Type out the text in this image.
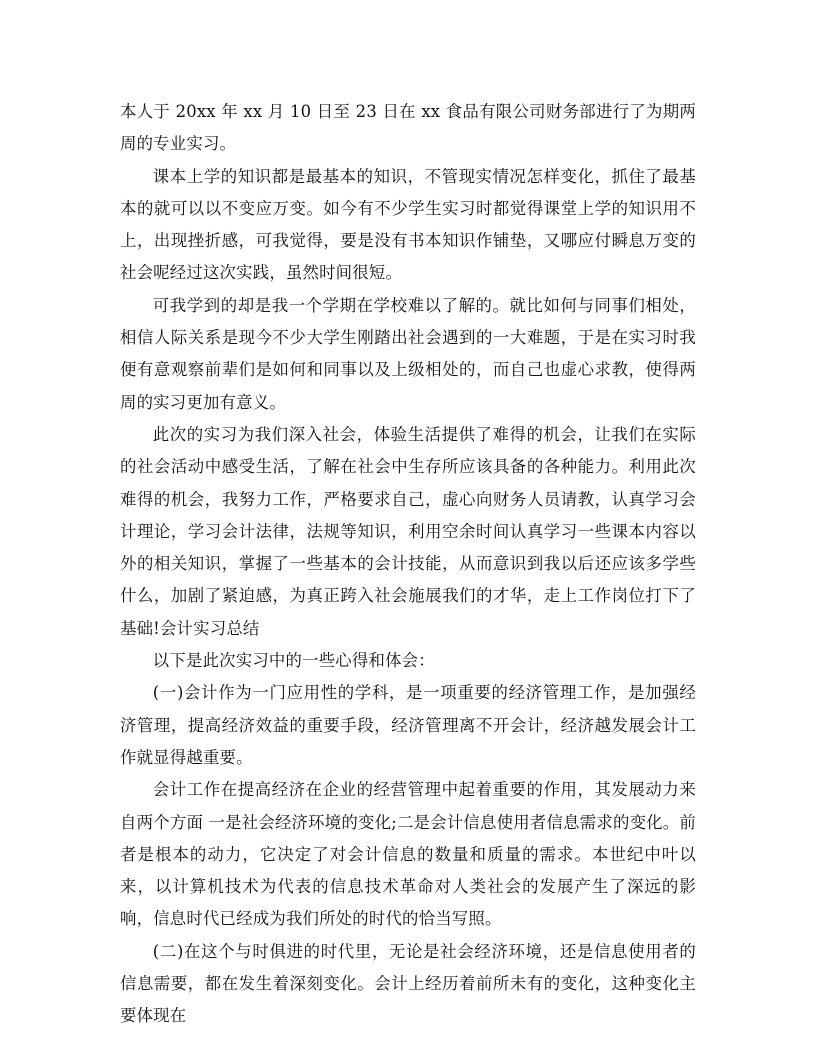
本人于 20xx 年 xx 月 10 日至 23 日在 xx 食品有限公司财务部进行了为期两周的专业实习。

课本上学的知识都是最基本的知识，不管现实情况怎样变化，抓住了最基本的就可以以不变应万变。如今有不少学生实习时都觉得课堂上学的知识用不上，出现挫折感，可我觉得，要是没有书本知识作铺垫，又哪应付瞬息万变的社会呢经过这次实践，虽然时间很短。

可我学到的却是我一个学期在学校难以了解的。就比如何与同事们相处，相信人际关系是现今不少大学生刚踏出社会遇到的一大难题，于是在实习时我便有意观察前辈们是如何和同事以及上级相处的，而自己也虚心求教，使得两周的实习更加有意义。

此次的实习为我们深入社会，体验生活提供了难得的机会，让我们在实际的社会活动中感受生活，了解在社会中生存所应该具备的各种能力。利用此次难得的机会，我努力工作，严格要求自己，虚心向财务人员请教，认真学习会计理论，学习会计法律，法规等知识，利用空余时间认真学习一些课本内容以外的相关知识，掌握了一些基本的会计技能，从而意识到我以后还应该多学些什么，加剧了紧迫感，为真正跨入社会施展我们的才华，走上工作岗位打下了基础!会计实习总结

以下是此次实习中的一些心得和体会：

(一)会计作为一门应用性的学科，是一项重要的经济管理工作，是加强经济管理，提高经济效益的重要手段，经济管理离不开会计，经济越发展会计工作就显得越重要。

会计工作在提高经济在企业的经营管理中起着重要的作用，其发展动力来自两个方面 一是社会经济环境的变化;二是会计信息使用者信息需求的变化。前者是根本的动力，它决定了对会计信息的数量和质量的需求。本世纪中叶以来，以计算机技术为代表的信息技术革命对人类社会的发展产生了深远的影响，信息时代已经成为我们所处的时代的恰当写照。

(二)在这个与时俱进的时代里，无论是社会经济环境，还是信息使用者的信息需要，都在发生着深刻变化。会计上经历着前所未有的变化，这种变化主要体现在
